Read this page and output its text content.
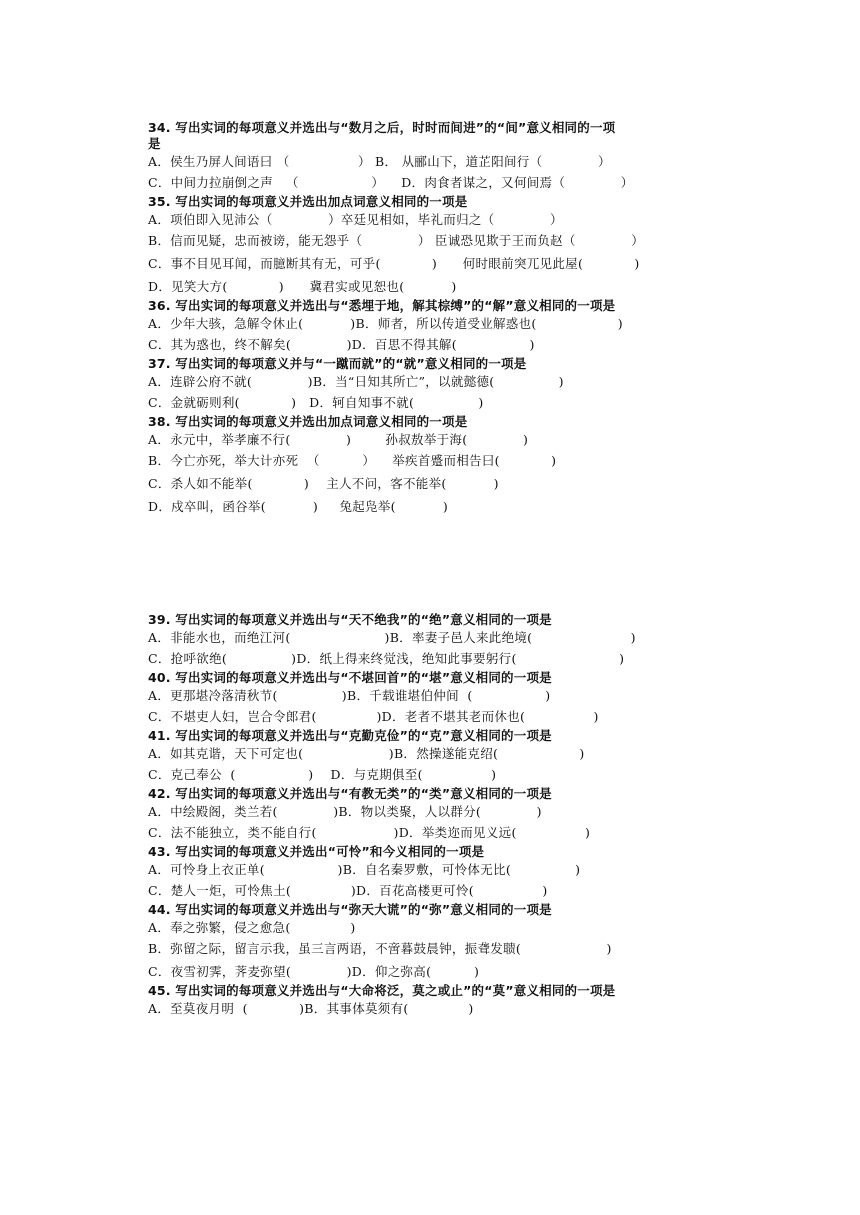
34. 写出实词的每项意义并选出与“数月之后，时时而间进”的“间”意义相同的一项
是
A．侯生乃屏人间语曰 （                ） B． 从郦山下，道芷阳间行（             ）
C．中间力拉崩倒之声   （                 ）    D．肉食者谋之，又何间焉（             ）
35. 写出实词的每项意义并选出加点词意义相同的一项是
A．项伯即入见沛公（             ）卒廷见相如，毕礼而归之（             ）
B．信而见疑，忠而被谤，能无怨乎（             ） 臣诚恐见欺于王而负赵（             ）
C．事不目见耳闻，而臆断其有无，可乎(            )      何时眼前突兀见此屋(            )
D．见笑大方(            )      冀君实或见恕也(           )
36. 写出实词的每项意义并选出与“悉埋于地，解其棕缚”的“解”意义相同的一项是
A．少年大骇，急解令休止(           )B．师者，所以传道受业解惑也(                   )
C．其为惑也，终不解矣(             )D．百思不得其解(                 )
37. 写出实词的每项意义并与“一蹴而就”的“就”意义相同的一项是
A．连辟公府不就(             )B．当“日知其所亡”，以就懿德(               )
C．金就砺则利(            )   D．轲自知事不就(               )
38. 写出实词的每项意义并选出加点词意义相同的一项是
A．永元中，举孝廉不行(             )        孙叔敖举于海(             )
B．今亡亦死，举大计亦死  （          ）    举疾首蹙而相告曰(            )
C．杀人如不能举(            )    主人不问，客不能举(           )
D．戍卒叫，函谷举(           )     兔起凫举(           )
39. 写出实词的每项意义并选出与“天不绝我”的“绝”意义相同的一项是
A．非能水也，而绝江河(                      )B．率妻子邑人来此绝境(                       )
C．抢呼欲绝(               )D．纸上得来终觉浅，绝知此事要躬行(                        )
40. 写出实词的每项意义并选出与“不堪回首”的“堪”意义相同的一项是
A．更那堪冷落清秋节(               )B．千载谁堪伯仲间  (                 )
C．不堪吏人妇，岂合令郎君(              )D．老者不堪其老而休也(                )
41. 写出实词的每项意义并选出与“克勤克俭”的“克”意义相同的一项是
A．如其克谐，天下可定也(                    )B．然操遂能克绍(                   )
C．克己奉公  (                 )    D．与克期俱至(                )
42. 写出实词的每项意义并选出与“有教无类”的“类”意义相同的一项是
A．中绘殿阁，类兰若(             )B．物以类聚，人以群分(             )
C．法不能独立，类不能自行(                  )D．举类迩而见义远(                )
43. 写出实词的每项意义并选出“可怜”和今义相同的一项是
A．可怜身上衣正单(                 )B．自名秦罗敷，可怜体无比(               )
C．楚人一炬，可怜焦土(              )D．百花高楼更可怜(                )
44. 写出实词的每项意义并选出与“弥天大谎”的“弥”意义相同的一项是
A．奉之弥繁，侵之愈急(              )
B．弥留之际，留言示我，虽三言两语，不啻暮鼓晨钟，振聋发聩(                    )
C．夜雪初霁，荠麦弥望(             )D．仰之弥高(          )
45. 写出实词的每项意义并选出与“大命将泛，莫之或止”的“莫”意义相同的一项是
A．至莫夜月明  (            )B．其事体莫须有(              )
